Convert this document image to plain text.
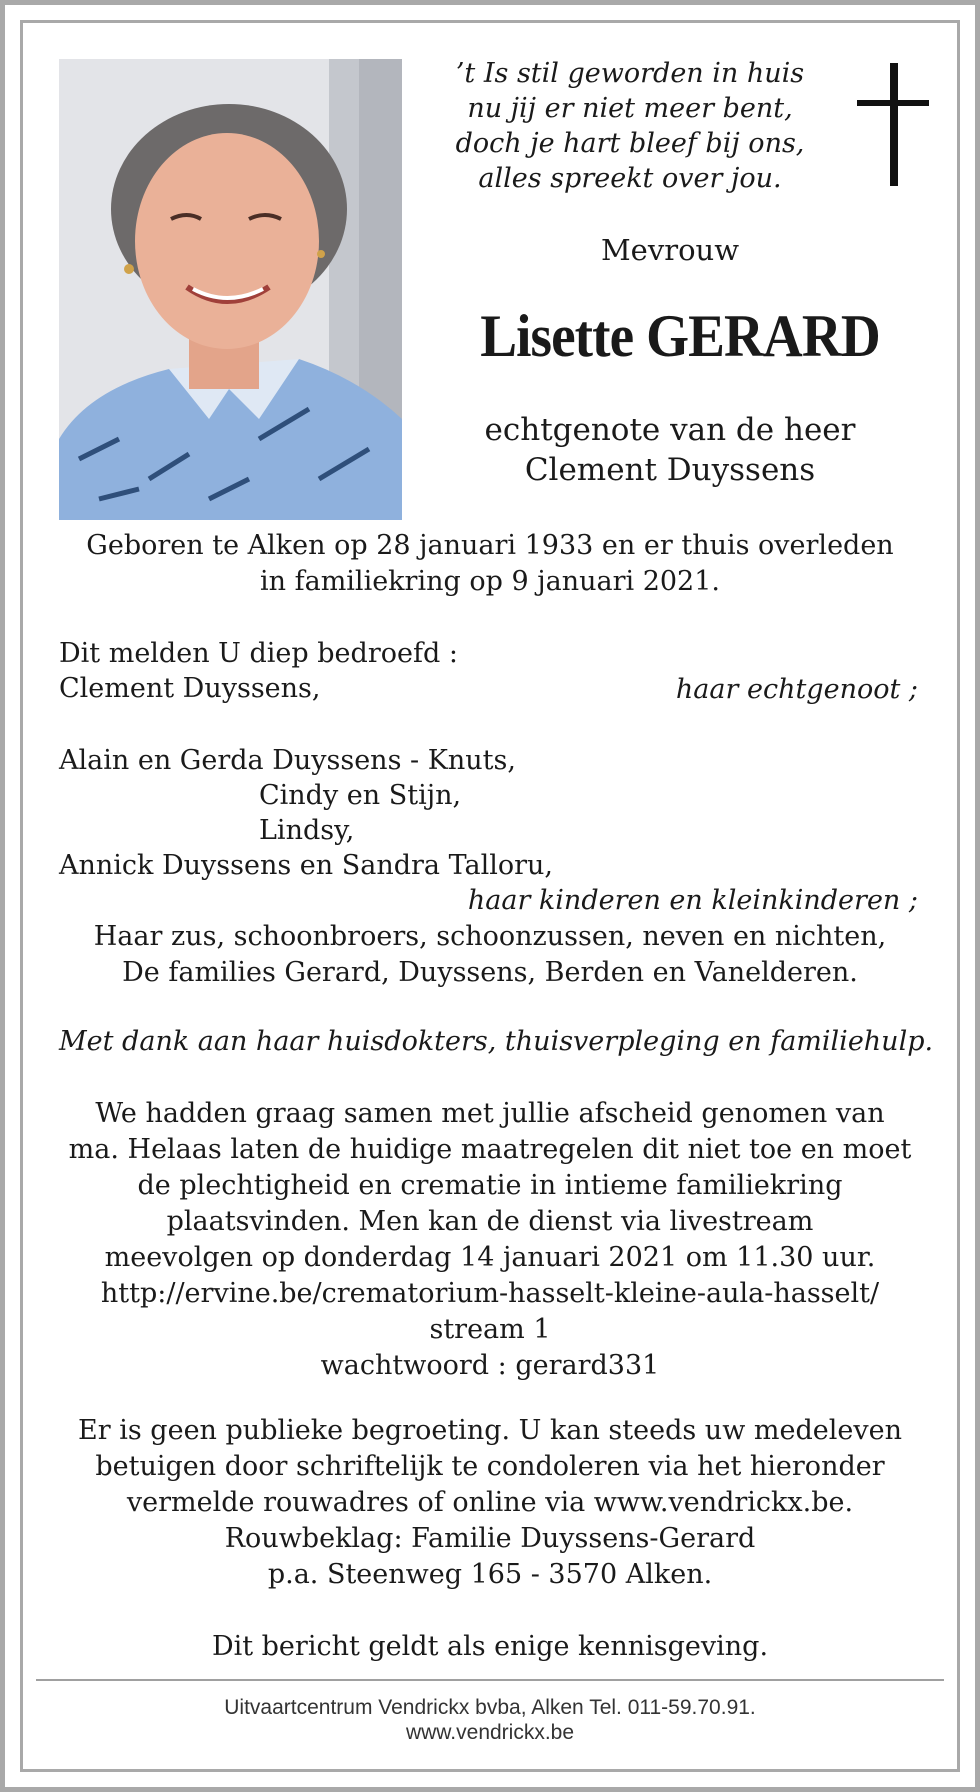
’t Is stil geworden in huis
nu jij er niet meer bent,
doch je hart bleef bij ons,
alles spreekt over jou.
Mevrouw
Lisette GERARD
echtgenote van de heer
Clement Duyssens
Geboren te Alken op 28 januari 1933 en er thuis overleden
in familiekring op 9 januari 2021.
Dit melden U diep bedroefd :
Clement Duyssens,	haar echtgenoot ;
Alain en Gerda Duyssens - Knuts,
Cindy en Stijn,
Lindsy,
Annick Duyssens en Sandra Talloru,
haar kinderen en kleinkinderen ;
Haar zus, schoonbroers, schoonzussen, neven en nichten,
De families Gerard, Duyssens, Berden en Vanelderen.
Met dank aan haar huisdokters, thuisverpleging en familiehulp.
We hadden graag samen met jullie afscheid genomen van
ma. Helaas laten de huidige maatregelen dit niet toe en moet
de plechtigheid en crematie in intieme familiekring
plaatsvinden. Men kan de dienst via livestream
meevolgen op donderdag 14 januari 2021 om 11.30 uur.
http://ervine.be/crematorium-hasselt-kleine-aula-hasselt/
stream 1
wachtwoord : gerard331
Er is geen publieke begroeting. U kan steeds uw medeleven
betuigen door schriftelijk te condoleren via het hieronder
vermelde rouwadres of online via www.vendrickx.be.
Rouwbeklag: Familie Duyssens-Gerard
p.a. Steenweg 165 - 3570 Alken.
Dit bericht geldt als enige kennisgeving.
Uitvaartcentrum Vendrickx bvba, Alken Tel. 011-59.70.91.
www.vendrickx.be
